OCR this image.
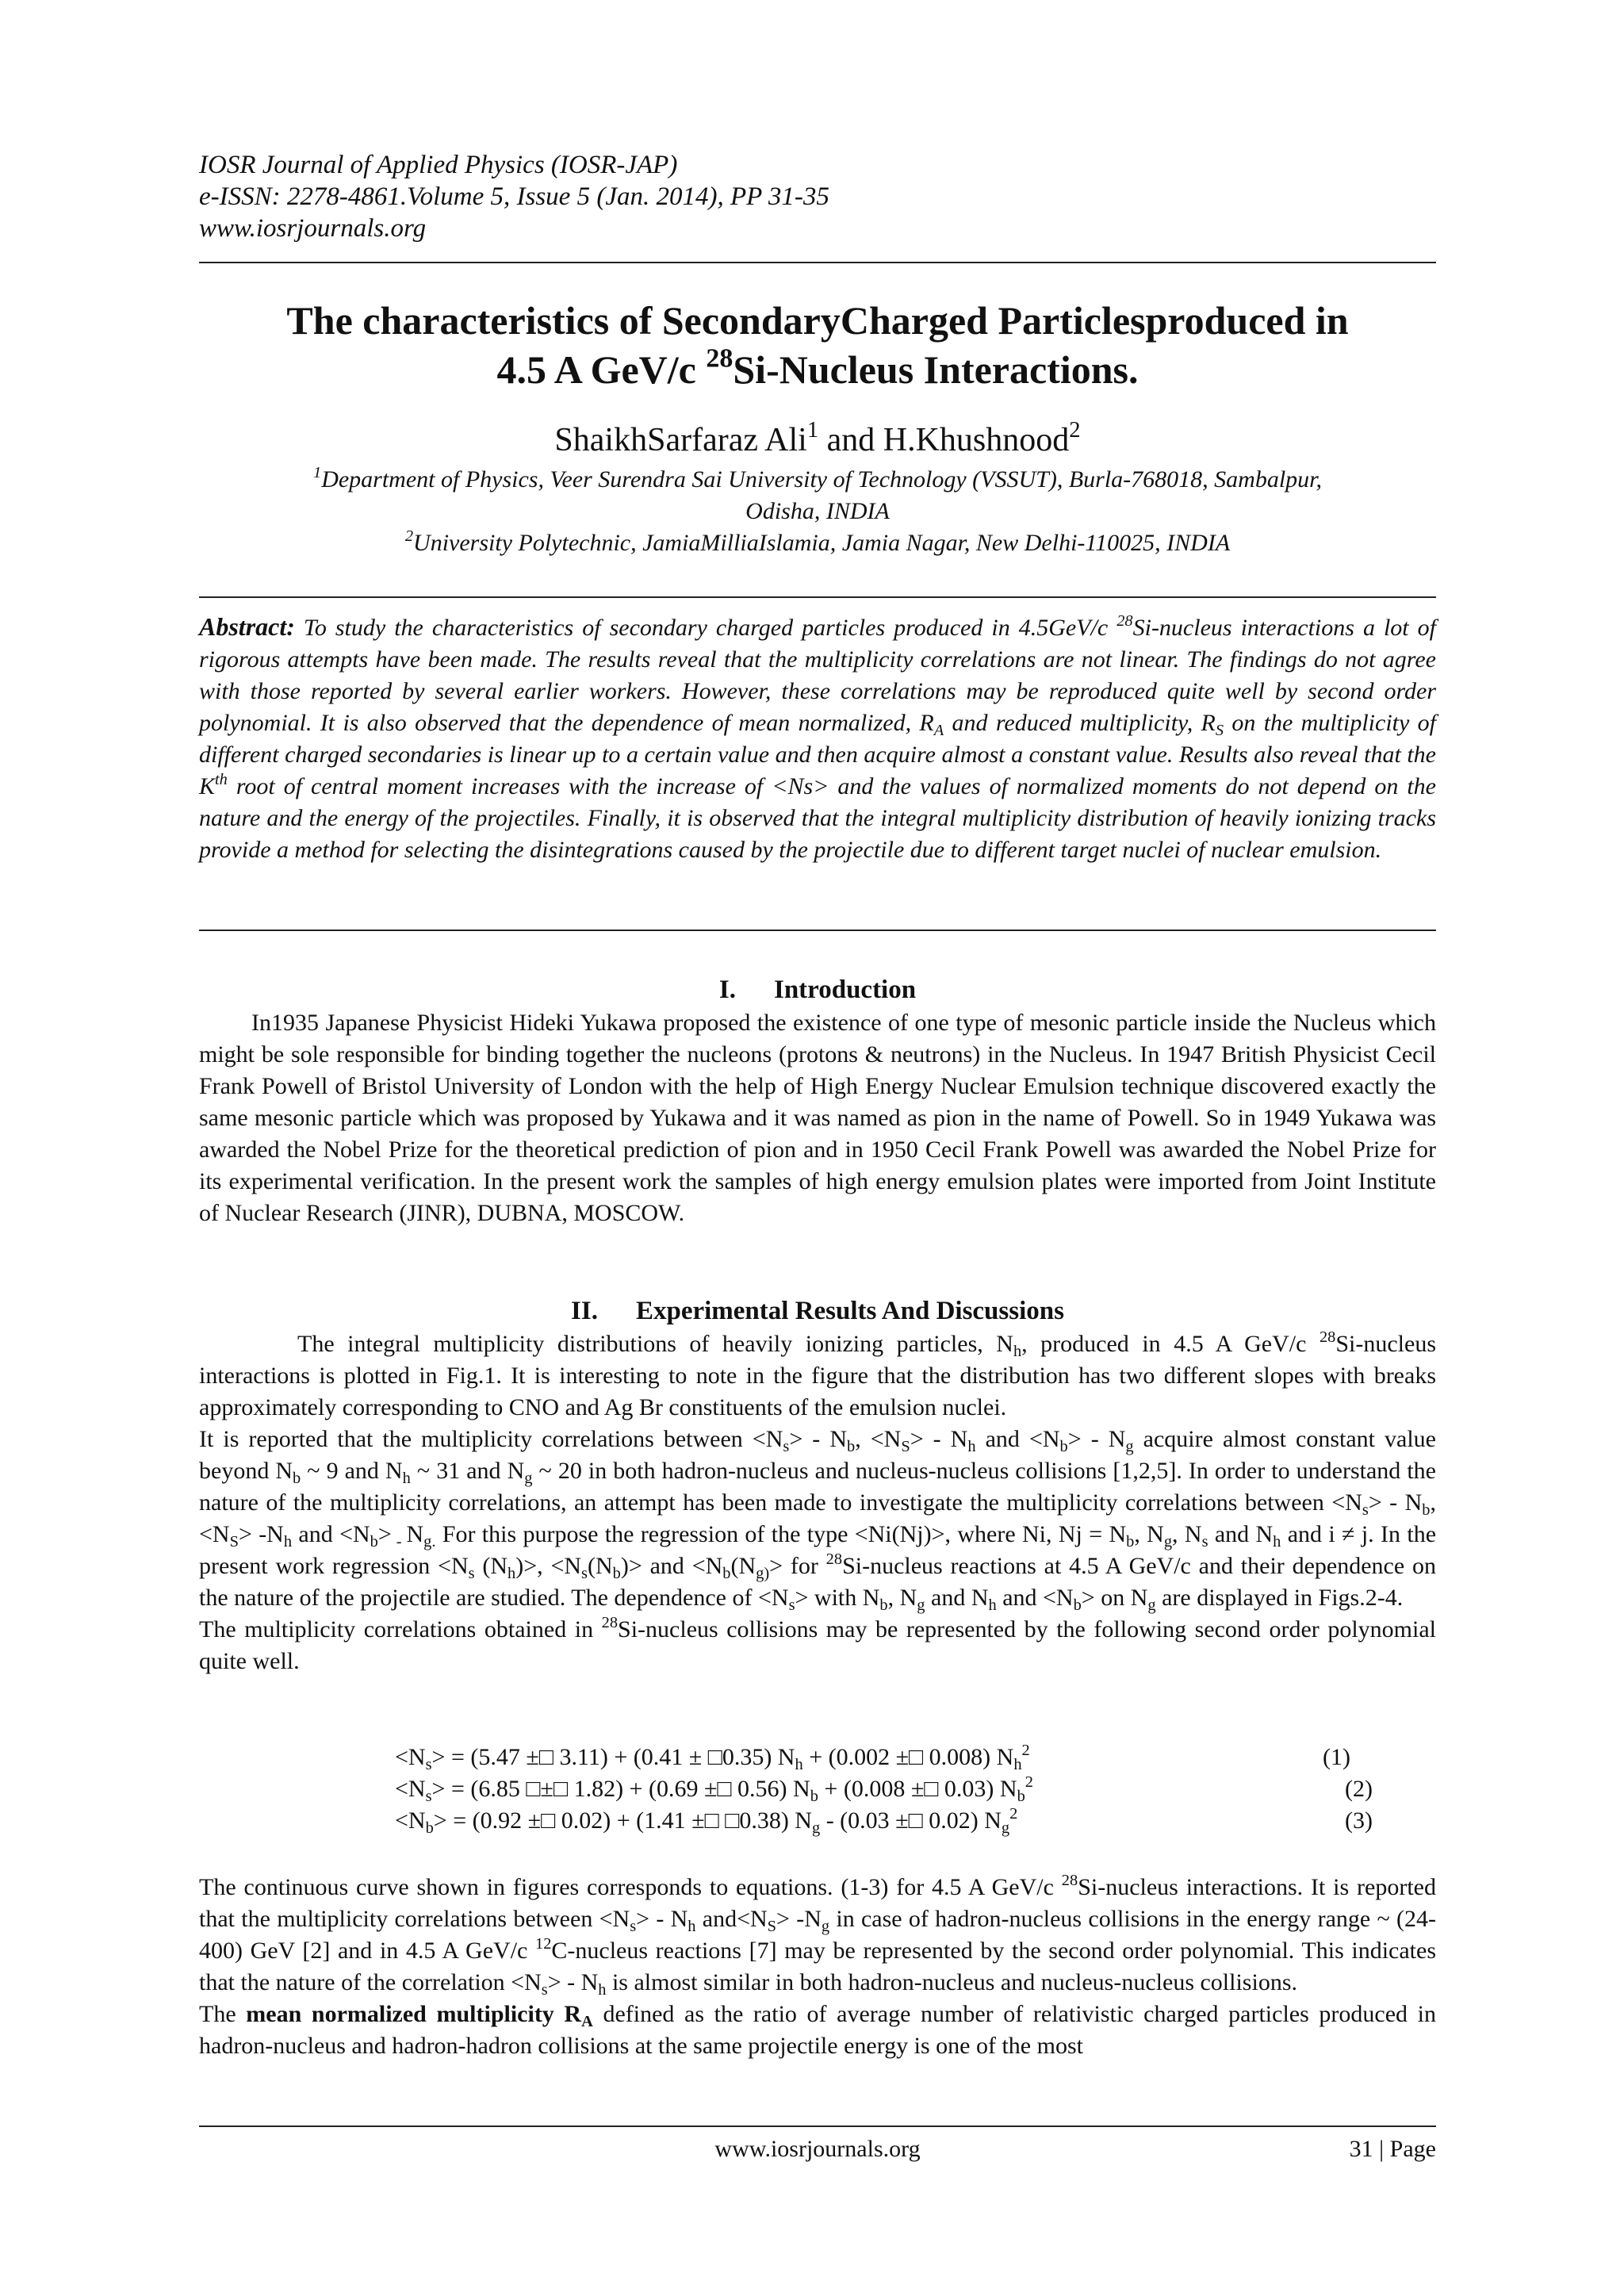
IOSR Journal of Applied Physics (IOSR-JAP)
e-ISSN: 2278-4861.Volume 5, Issue 5 (Jan. 2014), PP 31-35
www.iosrjournals.org
The characteristics of SecondaryCharged Particlesproduced in
4.5 A GeV/c $^{28}$Si-Nucleus Interactions.
ShaikhSarfaraz Ali$^1$ and H.Khushnood$^2$
$^1$Department of Physics, Veer Surendra Sai University of Technology (VSSUT), Burla-768018, Sambalpur,
Odisha, INDIA
$^2$University Polytechnic, JamiaMilliaIslamia, Jamia Nagar, New Delhi-110025, INDIA
Abstract: To study the characteristics of secondary charged particles produced in 4.5GeV/c $^{28}$Si-nucleus interactions a lot of rigorous attempts have been made. The results reveal that the multiplicity correlations are not linear. The findings do not agree with those reported by several earlier workers. However, these correlations may be reproduced quite well by second order polynomial. It is also observed that the dependence of mean normalized, $R_A$ and reduced multiplicity, $R_S$ on the multiplicity of different charged secondaries is linear up to a certain value and then acquire almost a constant value. Results also reveal that the $K^{th}$ root of central moment increases with the increase of <Ns> and the values of normalized moments do not depend on the nature and the energy of the projectiles. Finally, it is observed that the integral multiplicity distribution of heavily ionizing tracks provide a method for selecting the disintegrations caused by the projectile due to different target nuclei of nuclear emulsion.
I. Introduction

In1935 Japanese Physicist Hideki Yukawa proposed the existence of one type of mesonic particle inside the Nucleus which might be sole responsible for binding together the nucleons (protons & neutrons) in the Nucleus. In 1947 British Physicist Cecil Frank Powell of Bristol University of London with the help of High Energy Nuclear Emulsion technique discovered exactly the same mesonic particle which was proposed by Yukawa and it was named as pion in the name of Powell. So in 1949 Yukawa was awarded the Nobel Prize for the theoretical prediction of pion and in 1950 Cecil Frank Powell was awarded the Nobel Prize for its experimental verification. In the present work the samples of high energy emulsion plates were imported from Joint Institute of Nuclear Research (JINR), DUBNA, MOSCOW.

II. Experimental Results And Discussions

The integral multiplicity distributions of heavily ionizing particles, $N_h$, produced in 4.5 A GeV/c $^{28}$Si-nucleus interactions is plotted in Fig.1. It is interesting to note in the figure that the distribution has two different slopes with breaks approximately corresponding to CNO and Ag Br constituents of the emulsion nuclei.

It is reported that the multiplicity correlations between $<N_s> - N_b$, $<N_S> - N_h$ and $<N_b> - N_g$ acquire almost constant value beyond $N_b$ ~ 9 and $N_h$ ~ 31 and $N_g$ ~ 20 in both hadron-nucleus and nucleus-nucleus collisions [1,2,5]. In order to understand the nature of the multiplicity correlations, an attempt has been made to investigate the multiplicity correlations between $<N_s> - N_b$, $<N_S> -N_h$ and $<N_b> _-$ $N_{g.}$ For this purpose the regression of the type <Ni(Nj)>, where Ni, $Nj = N_b$, $N_g$, $N_s$ and $N_h$ and i ≠ j. In the present work regression $<N_s$ $(N_h)>$, $<N_s(N_b)>$ and $<N_b(N_{g)}>$ for $^{28}$Si-nucleus reactions at 4.5 A GeV/c and their dependence on the nature of the projectile are studied. The dependence of $<N_s>$ with $N_b$, $N_g$ and $N_h$ and $<N_b>$ on $N_g$ are displayed in Figs.2-4.

The multiplicity correlations obtained in $^{28}$Si-nucleus collisions may be represented by the following second order polynomial quite well.

$<N_s> = (5.47$ ±□ 3.11) + (0.41 ± □0.35) $N_h + (0.002$ ±□ 0.008) $N_h^2$	(1)
$<N_s> = (6.85$ □±□ 1.82) + (0.69 ±□ 0.56) $N_b + (0.008$ ±□ 0.03) $N_b^2$	(2)
$<N_b> = (0.92$ ±□ 0.02) + (1.41 ±□ □0.38) $N_g - (0.03$ ±□ 0.02) $N_g^2$	(3)

The continuous curve shown in figures corresponds to equations. (1-3) for 4.5 A GeV/c $^{28}$Si-nucleus interactions. It is reported that the multiplicity correlations between $<N_s> - N_h$ $and<N_S> -N_g$ in case of hadron-nucleus collisions in the energy range ~ (24-400) GeV [2] and in 4.5 A GeV/c $^{12}$C-nucleus reactions [7] may be represented by the second order polynomial. This indicates that the nature of the correlation $<N_s> - N_h$ is almost similar in both hadron-nucleus and nucleus-nucleus collisions.

The mean normalized multiplicity $R_A$ defined as the ratio of average number of relativistic charged particles produced in hadron-nucleus and hadron-hadron collisions at the same projectile energy is one of the most

www.iosrjournals.org	31 | Page
